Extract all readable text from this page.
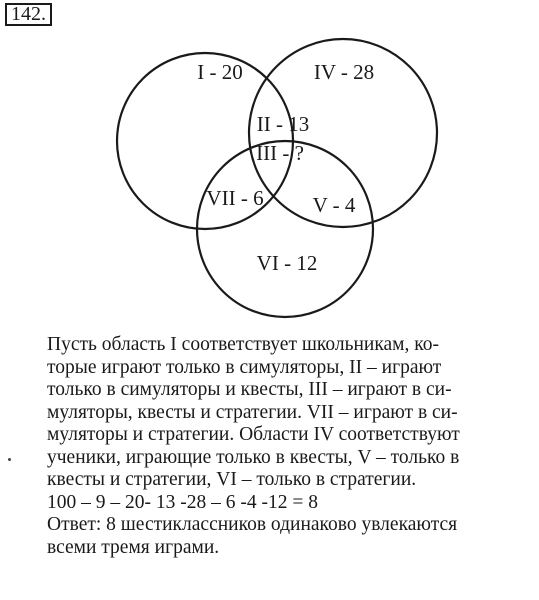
142.
I - 20	IV - 28
II - 13
III - ?
VII - 6 V - 4
VI - 12
Пусть область I соответствует школьникам, ко-
торые играют только в симуляторы, II – играют
только в симуляторы и квесты, III – играют в си-
муляторы, квесты и стратегии. VII – играют в си-
муляторы и стратегии. Области IV соответствуют
ученики, играющие только в квесты, V – только в
квесты и стратегии, VI – только в стратегии.
100 – 9 – 20- 13 -28 – 6 -4 -12 = 8
Ответ: 8 шестиклассников одинаково увлекаются
всеми тремя играми.
